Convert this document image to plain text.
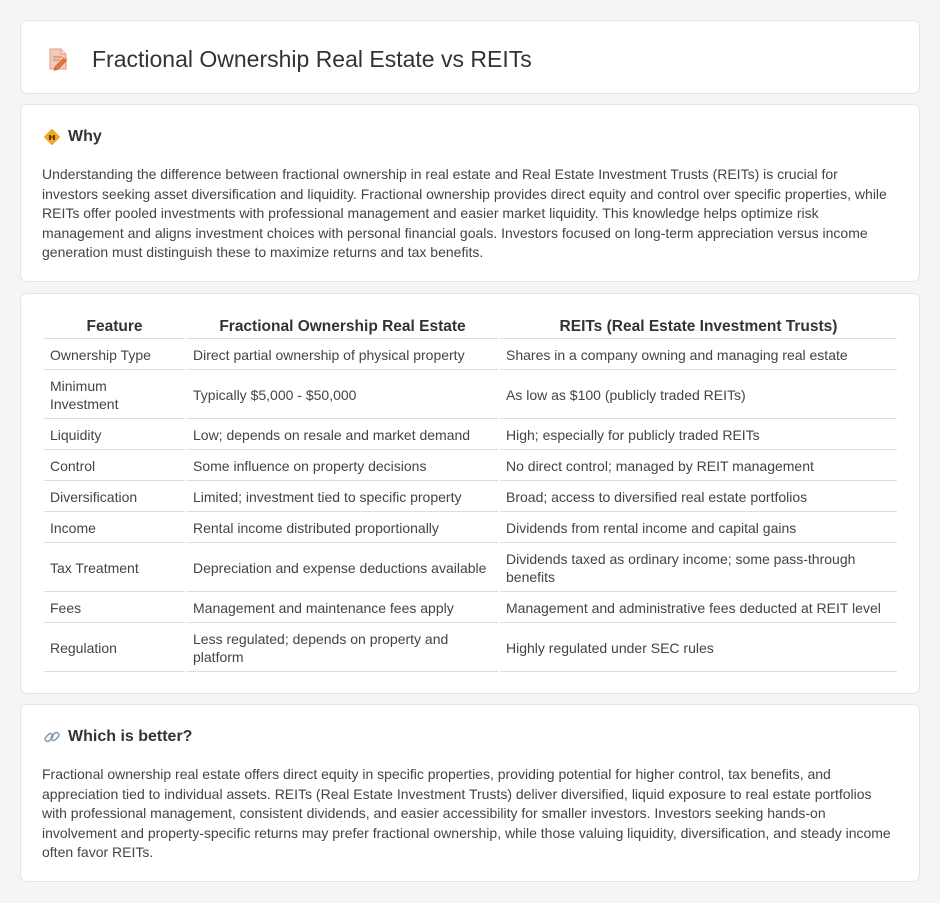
Fractional Ownership Real Estate vs REITs
Why

Understanding the difference between fractional ownership in real estate and Real Estate Investment Trusts (REITs) is crucial for investors seeking asset diversification and liquidity. Fractional ownership provides direct equity and control over specific properties, while REITs offer pooled investments with professional management and easier market liquidity. This knowledge helps optimize risk management and aligns investment choices with personal financial goals. Investors focused on long-term appreciation versus income generation must distinguish these to maximize returns and tax benefits.

Feature	Fractional Ownership Real Estate	REITs (Real Estate Investment Trusts)
Ownership Type	Direct partial ownership of physical property	Shares in a company owning and managing real estate
Minimum Investment	Typically $5,000 - $50,000	As low as $100 (publicly traded REITs)
Liquidity	Low; depends on resale and market demand	High; especially for publicly traded REITs
Control	Some influence on property decisions	No direct control; managed by REIT management
Diversification	Limited; investment tied to specific property	Broad; access to diversified real estate portfolios
Income	Rental income distributed proportionally	Dividends from rental income and capital gains
Tax Treatment	Depreciation and expense deductions available	Dividends taxed as ordinary income; some pass-through benefits
Fees	Management and maintenance fees apply	Management and administrative fees deducted at REIT level
Regulation	Less regulated; depends on property and platform	Highly regulated under SEC rules
Which is better?

Fractional ownership real estate offers direct equity in specific properties, providing potential for higher control, tax benefits, and appreciation tied to individual assets. REITs (Real Estate Investment Trusts) deliver diversified, liquid exposure to real estate portfolios with professional management, consistent dividends, and easier accessibility for smaller investors. Investors seeking hands-on involvement and property-specific returns may prefer fractional ownership, while those valuing liquidity, diversification, and steady income often favor REITs.
